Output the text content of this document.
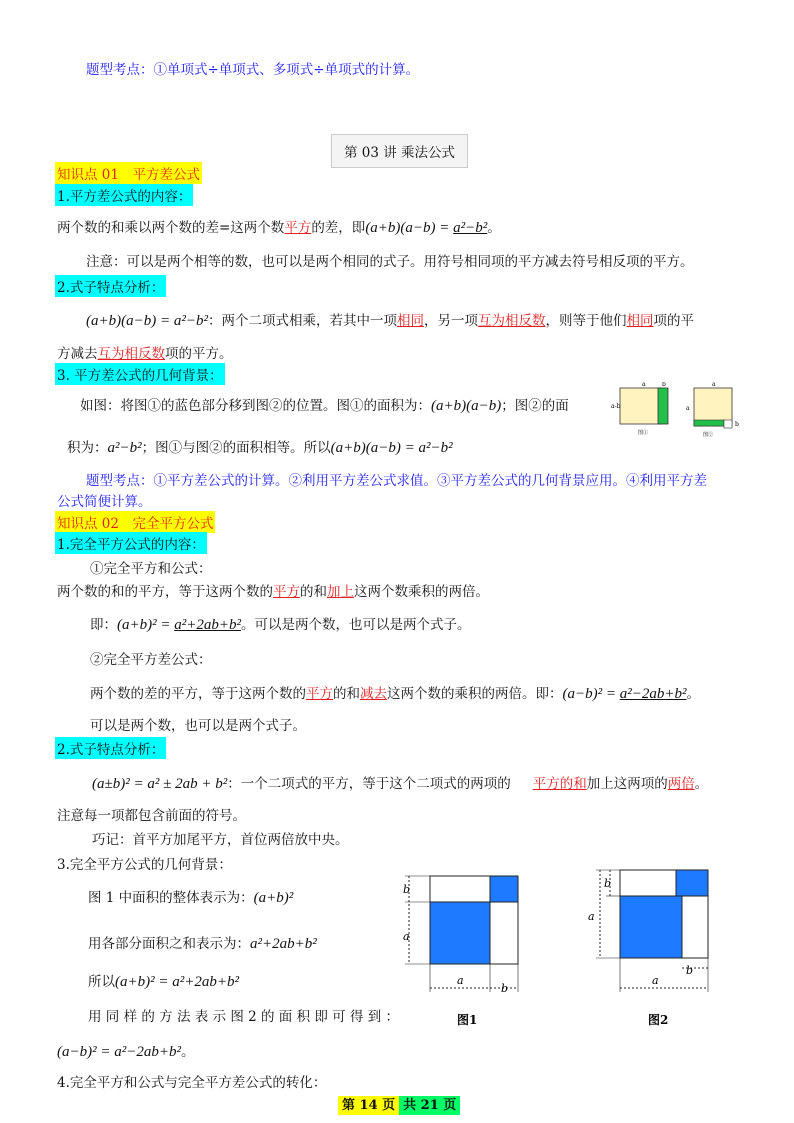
题型考点：①单项式÷单项式、多项式÷单项式的计算。
第 03 讲 乘法公式
知识点 01　平方差公式
1.平方差公式的内容：
两个数的和乘以两个数的差=这两个数平方的差，即(a+b)(a−b) = a²−b²。
注意：可以是两个相等的数，也可以是两个相同的式子。用符号相同项的平方减去符号相反项的平方。
2.式子特点分析：
(a+b)(a−b) = a²−b²：两个二项式相乘，若其中一项相同，另一项互为相反数，则等于他们相同项的平
方减去互为相反数项的平方。
3. 平方差公式的几何背景：
如图：将图①的蓝色部分移到图②的位置。图①的面积为：(a+b)(a−b)；图②的面
积为：a²−b²；图①与图②的面积相等。所以(a+b)(a−b) = a²−b²
a-b
a	b
图①
a
a
b
图②
题型考点：①平方差公式的计算。②利用平方差公式求值。③平方差公式的几何背景应用。④利用平方差
公式简便计算。
知识点 02　完全平方公式
1.完全平方公式的内容：
①完全平方和公式：
两个数的和的平方，等于这两个数的平方的和加上这两个数乘积的两倍。
即：(a+b)² = a²+2ab+b²。可以是两个数，也可以是两个式子。
②完全平方差公式：
两个数的差的平方，等于这两个数的平方的和减去这两个数的乘积的两倍。即：(a−b)² = a²−2ab+b²。
可以是两个数，也可以是两个式子。
2.式子特点分析：
(a±b)² = a² ± 2ab + b²：一个二项式的平方，等于这个二项式的两项的 平方的和加上这两项的两倍。
注意每一项都包含前面的符号。
巧记：首平方加尾平方，首位两倍放中央。
3.完全平方公式的几何背景：
图 1 中面积的整体表示为：(a+b)²
用各部分面积之和表示为：a²+2ab+b²
所以(a+b)² = a²+2ab+b²
用 同 样 的 方 法 表 示 图 2 的 面 积 即 可 得 到 ：
(a−b)² = a²−2ab+b²。
b
a
a
b
图1
b
a
b
a
图2
4.完全平方和公式与完全平方差公式的转化：
第 14 页 共 21 页
